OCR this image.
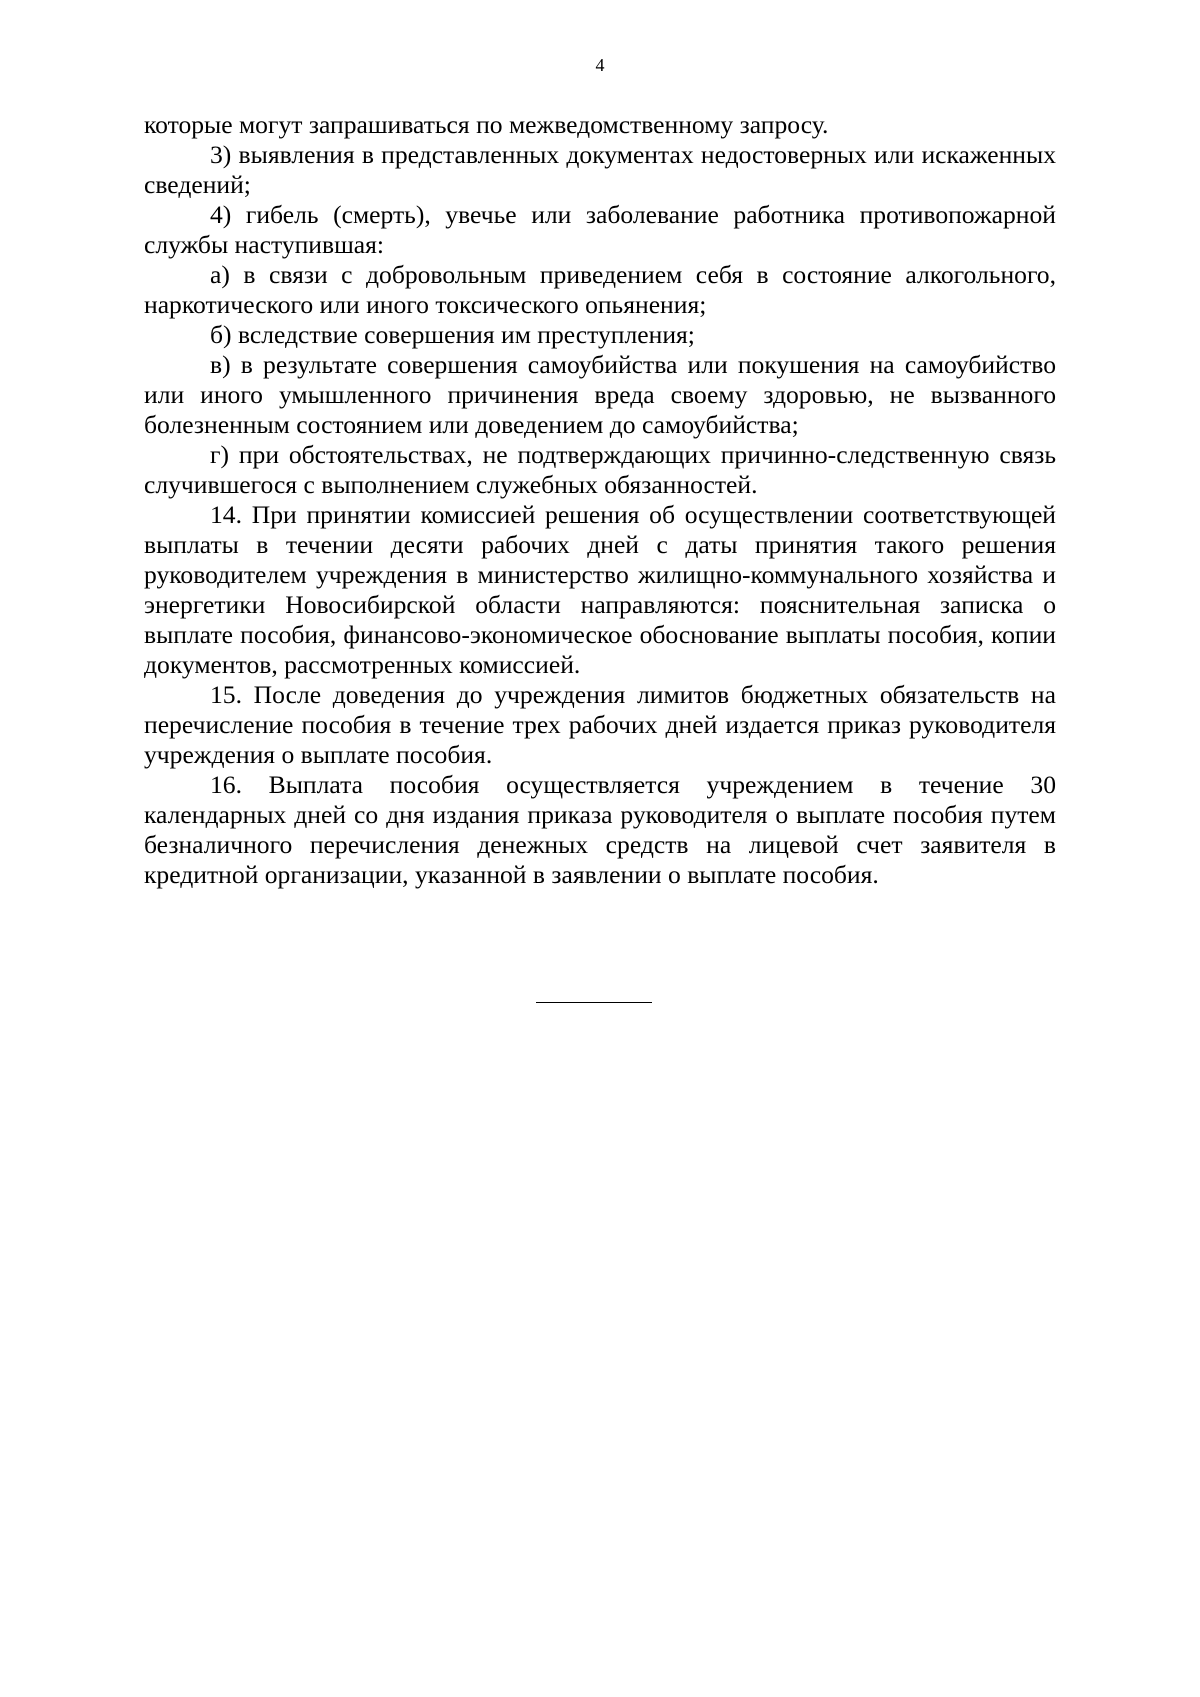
4

которые могут запрашиваться по межведомственному запросу.

3) выявления в представленных документах недостоверных или искаженных сведений;

4) гибель (смерть), увечье или заболевание работника противопожарной службы наступившая:

а) в связи с добровольным приведением себя в состояние алкогольного, наркотического или иного токсического опьянения;

б) вследствие совершения им преступления;

в) в результате совершения самоубийства или покушения на самоубийство или иного умышленного причинения вреда своему здоровью, не вызванного болезненным состоянием или доведением до самоубийства;

г) при обстоятельствах, не подтверждающих причинно-следственную связь случившегося с выполнением служебных обязанностей.

14. При принятии комиссией решения об осуществлении соответствующей выплаты в течении десяти рабочих дней с даты принятия такого решения руководителем учреждения в министерство жилищно-коммунального хозяйства и энергетики Новосибирской области направляются: пояснительная записка о выплате пособия, финансово-экономическое обоснование выплаты пособия, копии документов, рассмотренных комиссией.

15. После доведения до учреждения лимитов бюджетных обязательств на перечисление пособия в течение трех рабочих дней издается приказ руководителя учреждения о выплате пособия.

16. Выплата пособия осуществляется учреждением в течение 30 календарных дней со дня издания приказа руководителя о выплате пособия путем безналичного перечисления денежных средств на лицевой счет заявителя в кредитной организации, указанной в заявлении о выплате пособия.
